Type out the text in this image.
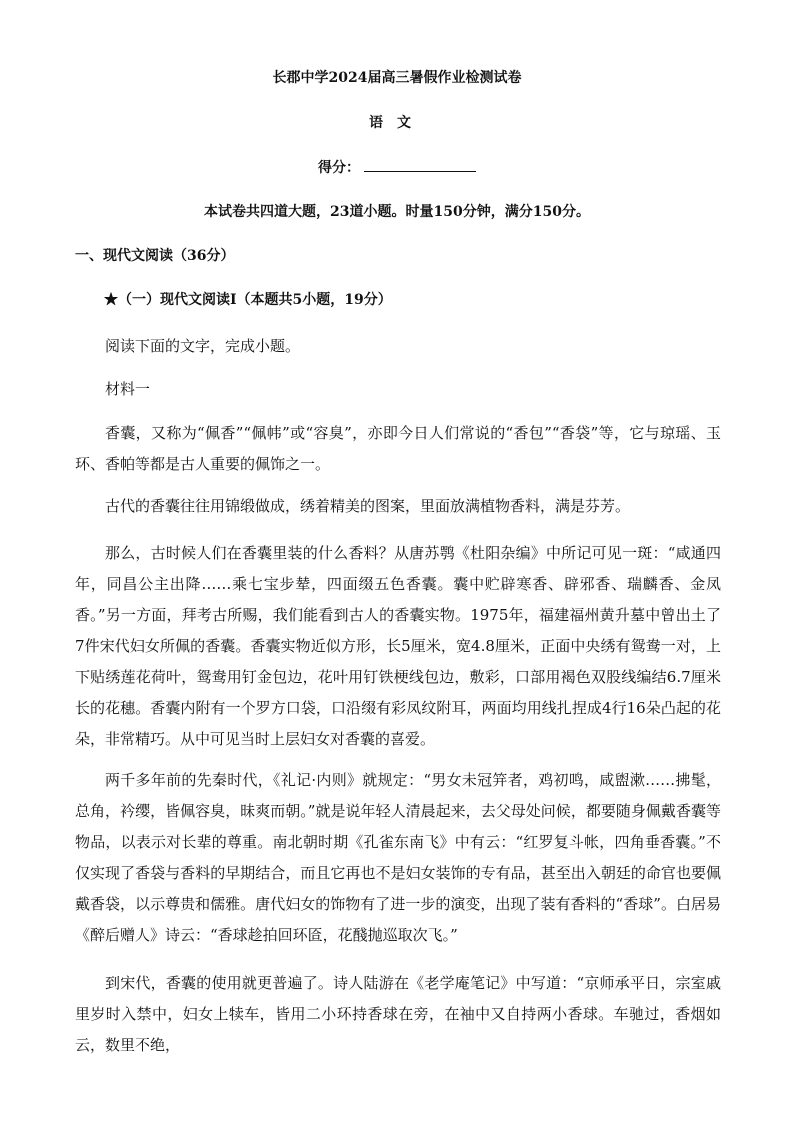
长郡中学2024届高三暑假作业检测试卷
语文
得分：
本试卷共四道大题，23道小题。时量150分钟，满分150分。
一、现代文阅读（36分）
★（一）现代文阅读Ⅰ（本题共5小题，19分）

阅读下面的文字，完成小题。

材料一

香囊，又称为“佩香”“佩帏”或“容臭”，亦即今日人们常说的“香包”“香袋”等，它与琼瑶、玉环、香帕等都是古人重要的佩饰之一。

古代的香囊往往用锦缎做成，绣着精美的图案，里面放满植物香料，满是芬芳。

那么，古时候人们在香囊里装的什么香料？从唐苏鹗《杜阳杂编》中所记可见一斑：“咸通四年，同昌公主出降……乘七宝步辇，四面缀五色香囊。囊中贮辟寒香、辟邪香、瑞麟香、金凤香。”另一方面，拜考古所赐，我们能看到古人的香囊实物。1975年，福建福州黄升墓中曾出土了7件宋代妇女所佩的香囊。香囊实物近似方形，长5厘米，宽4.8厘米，正面中央绣有鸳鸯一对，上下贴绣莲花荷叶，鸳鸯用钉金包边，花叶用钉铁梗线包边，敷彩，口部用褐色双股线编结6.7厘米长的花穗。香囊内附有一个罗方口袋，口沿缀有彩凤纹附耳，两面均用线扎捏成4行16朵凸起的花朵，非常精巧。从中可见当时上层妇女对香囊的喜爱。

两千多年前的先秦时代，《礼记·内则》就规定：“男女未冠笄者，鸡初鸣，咸盥漱……拂髦，总角，衿缨，皆佩容臭，昧爽而朝。”就是说年轻人清晨起来，去父母处问候，都要随身佩戴香囊等物品，以表示对长辈的尊重。南北朝时期《孔雀东南飞》中有云：“红罗复斗帐，四角垂香囊。”不仅实现了香袋与香料的早期结合，而且它再也不是妇女装饰的专有品，甚至出入朝廷的命官也要佩戴香袋，以示尊贵和儒雅。唐代妇女的饰物有了进一步的演变，出现了装有香料的“香球”。白居易《醉后赠人》诗云：“香球趁拍回环匼，花醆抛巡取次飞。”

到宋代，香囊的使用就更普遍了。诗人陆游在《老学庵笔记》中写道：“京师承平日，宗室戚里岁时入禁中，妇女上犊车，皆用二小环持香球在旁，在袖中又自持两小香球。车驰过，香烟如云，数里不绝，
